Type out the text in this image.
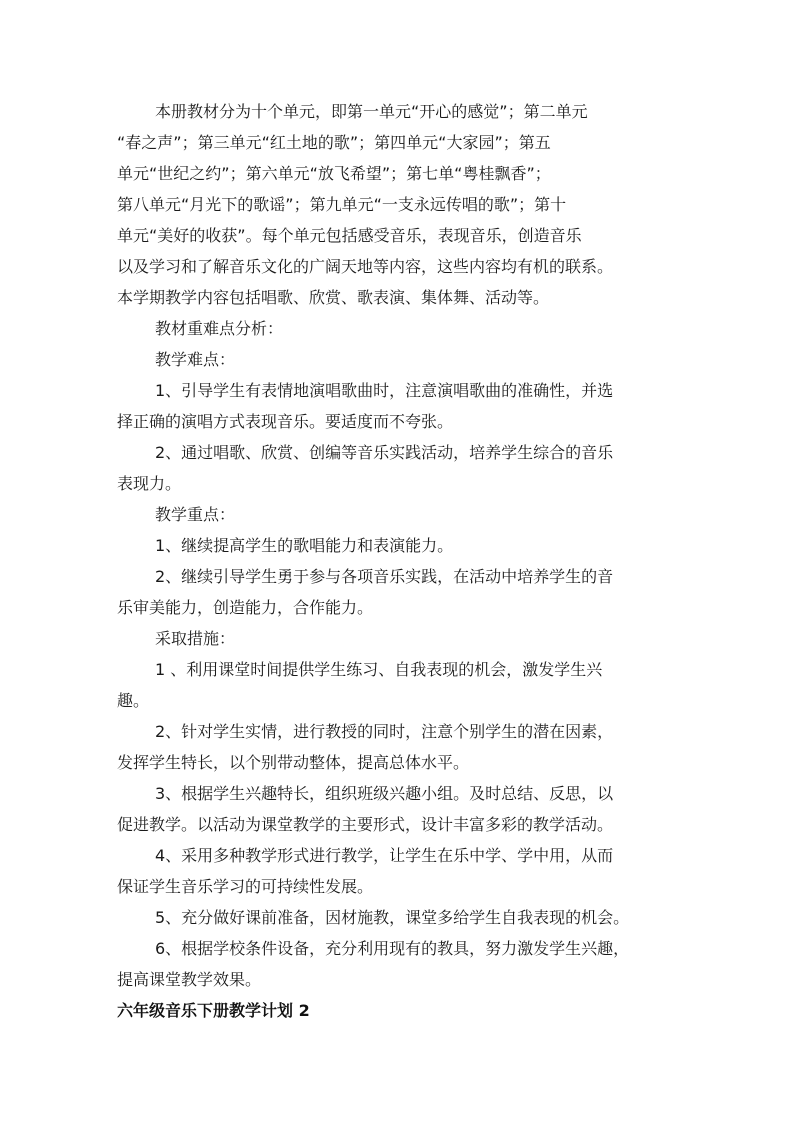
本册教材分为十个单元，即第一单元“开心的感觉”；第二单元
“春之声”；第三单元“红土地的歌”；第四单元“大家园”；第五
单元“世纪之约”；第六单元“放飞希望”；第七单“粤桂飘香”；
第八单元“月光下的歌谣”；第九单元“一支永远传唱的歌”；第十
单元“美好的收获”。每个单元包括感受音乐，表现音乐，创造音乐
以及学习和了解音乐文化的广阔天地等内容，这些内容均有机的联系。
本学期教学内容包括唱歌、欣赏、歌表演、集体舞、活动等。
教材重难点分析：
教学难点：
1、引导学生有表情地演唱歌曲时，注意演唱歌曲的准确性，并选
择正确的演唱方式表现音乐。要适度而不夸张。
2、通过唱歌、欣赏、创编等音乐实践活动，培养学生综合的音乐
表现力。
教学重点：
1、继续提高学生的歌唱能力和表演能力。
2、继续引导学生勇于参与各项音乐实践，在活动中培养学生的音
乐审美能力，创造能力，合作能力。
采取措施：
1 、利用课堂时间提供学生练习、自我表现的机会，激发学生兴
趣。
2、针对学生实情，进行教授的同时，注意个别学生的潜在因素，
发挥学生特长，以个别带动整体，提高总体水平。
3、根据学生兴趣特长，组织班级兴趣小组。及时总结、反思，以
促进教学。以活动为课堂教学的主要形式，设计丰富多彩的教学活动。
4、采用多种教学形式进行教学，让学生在乐中学、学中用，从而
保证学生音乐学习的可持续性发展。
5、充分做好课前准备，因材施教，课堂多给学生自我表现的机会。
6、根据学校条件设备，充分利用现有的教具，努力激发学生兴趣，
提高课堂教学效果。
六年级音乐下册教学计划 2
